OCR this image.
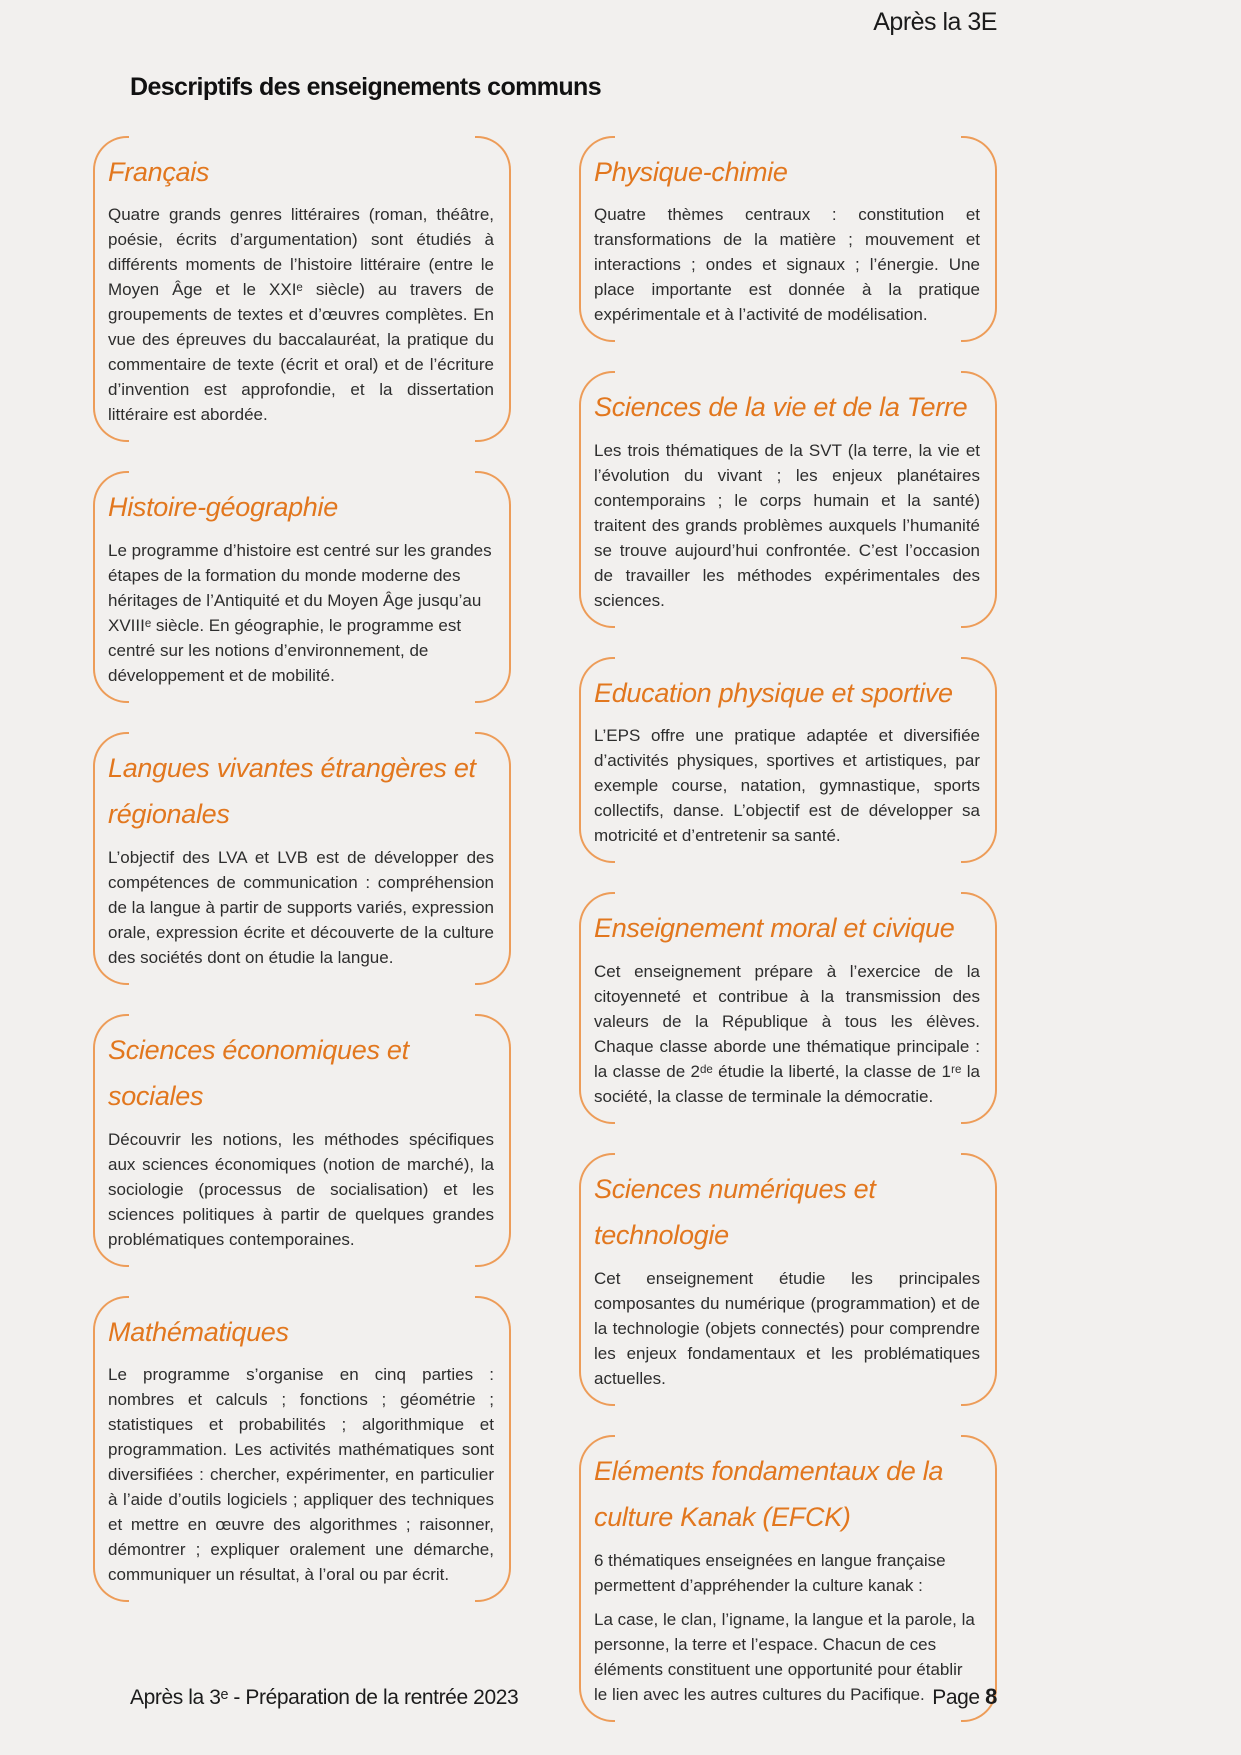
Après la 3E
Descriptifs des enseignements communs
Français

Quatre grands genres littéraires (roman, théâtre, poésie, écrits d’argumentation) sont étudiés à différents moments de l’histoire littéraire (entre le Moyen Âge et le XXIᵉ siècle) au travers de groupements de textes et d’œuvres complètes. En vue des épreuves du baccalauréat, la pratique du commentaire de texte (écrit et oral) et de l’écriture d’invention est approfondie, et la dissertation littéraire est abordée.

Histoire-géographie

Le programme d’histoire est centré sur les grandes étapes de la formation du monde moderne des héritages de l’Antiquité et du Moyen Âge jusqu’au XVIIIᵉ siècle. En géographie, le programme est centré sur les notions d’environnement, de développement et de mobilité.

Langues vivantes étrangères et régionales

L’objectif des LVA et LVB est de développer des compétences de communication : compréhension de la langue à partir de supports variés, expression orale, expression écrite et découverte de la culture des sociétés dont on étudie la langue.

Sciences économiques et sociales

Découvrir les notions, les méthodes spécifiques aux sciences économiques (notion de marché), la sociologie (processus de socialisation) et les sciences politiques à partir de quelques grandes problématiques contemporaines.

Mathématiques

Le programme s’organise en cinq parties : nombres et calculs ; fonctions ; géométrie ; statistiques et probabilités ; algorithmique et programmation. Les activités mathématiques sont diversifiées : chercher, expérimenter, en particulier à l’aide d’outils logiciels ; appliquer des techniques et mettre en œuvre des algorithmes ; raisonner, démontrer ; expliquer oralement une démarche, communiquer un résultat, à l’oral ou par écrit.

Physique-chimie

Quatre thèmes centraux : constitution et transformations de la matière ; mouvement et interactions ; ondes et signaux ; l’énergie. Une place importante est donnée à la pratique expérimentale et à l’activité de modélisation.

Sciences de la vie et de la Terre

Les trois thématiques de la SVT (la terre, la vie et l’évolution du vivant ; les enjeux planétaires contemporains ; le corps humain et la santé) traitent des grands problèmes auxquels l’humanité se trouve aujourd’hui confrontée. C’est l’occasion de travailler les méthodes expérimentales des sciences.

Education physique et sportive

L’EPS offre une pratique adaptée et diversifiée d’activités physiques, sportives et artistiques, par exemple course, natation, gymnastique, sports collectifs, danse. L’objectif est de développer sa motricité et d’entretenir sa santé.

Enseignement moral et civique

Cet enseignement prépare à l’exercice de la citoyenneté et contribue à la transmission des valeurs de la République à tous les élèves. Chaque classe aborde une thématique principale : la classe de 2ᵈᵉ étudie la liberté, la classe de 1ʳᵉ la société, la classe de terminale la démocratie.

Sciences numériques et technologie

Cet enseignement étudie les principales composantes du numérique (programmation) et de la technologie (objets connectés) pour comprendre les enjeux fondamentaux et les problématiques actuelles.

Eléments fondamentaux de la culture Kanak (EFCK)

6 thématiques enseignées en langue française permettent d’appréhender la culture kanak :

La case, le clan, l’igname, la langue et la parole, la personne, la terre et l’espace. Chacun de ces éléments constituent une opportunité pour établir le lien avec les autres cultures du Pacifique.

Après la 3ᵉ - Préparation de la rentrée 2023	Page 8
